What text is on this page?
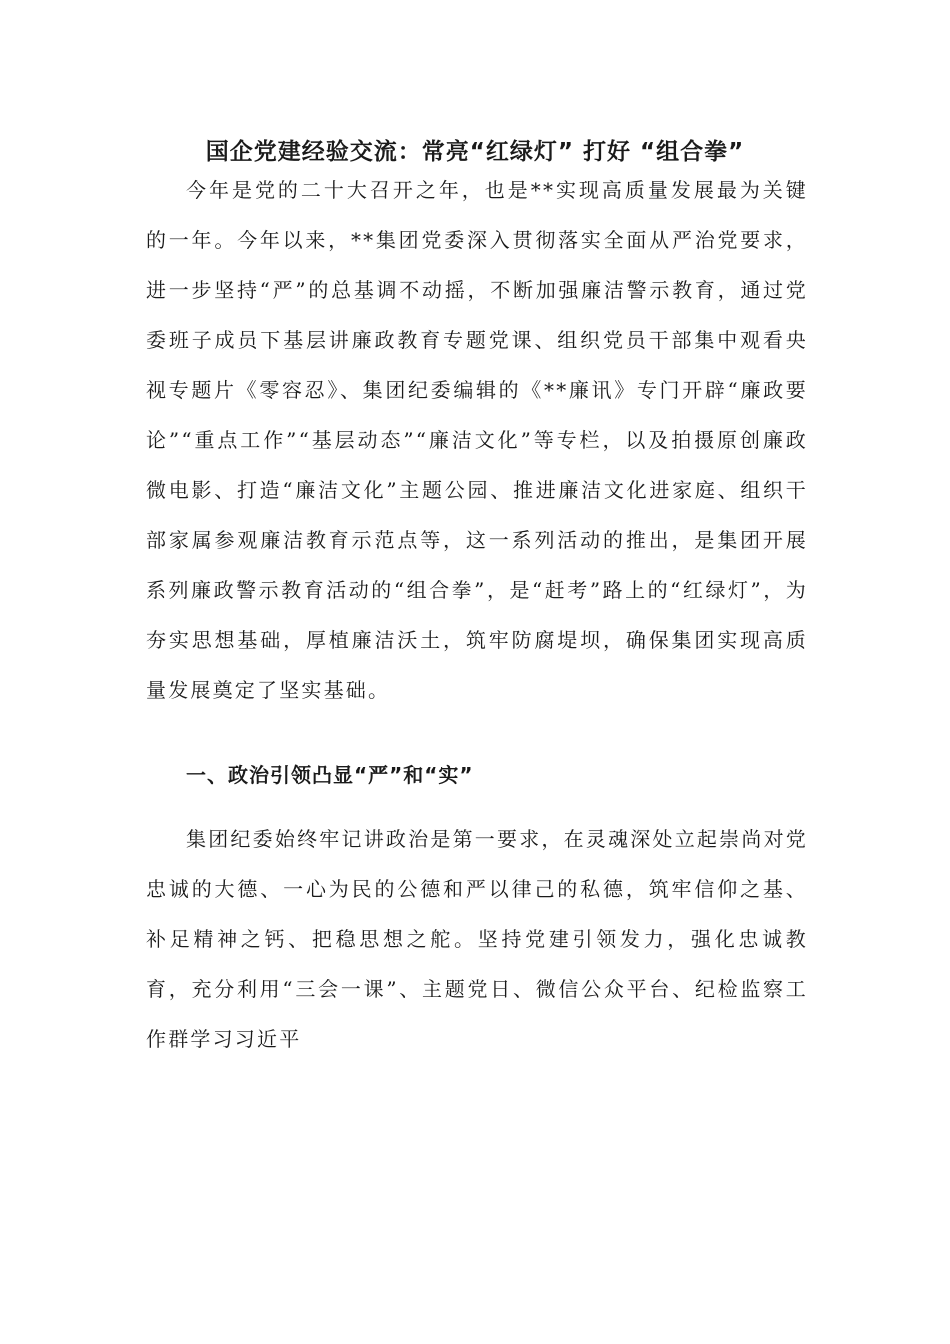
国企党建经验交流：常亮“红绿灯” 打好 “组合拳”

今年是党的二十大召开之年，也是**实现高质量发展最为关键的一年。今年以来，**集团党委深入贯彻落实全面从严治党要求，进一步坚持“严”的总基调不动摇，不断加强廉洁警示教育，通过党委班子成员下基层讲廉政教育专题党课、组织党员干部集中观看央视专题片《零容忍》、集团纪委编辑的《**廉讯》专门开辟“廉政要论”“重点工作”“基层动态”“廉洁文化”等专栏，以及拍摄原创廉政微电影、打造“廉洁文化”主题公园、推进廉洁文化进家庭、组织干部家属参观廉洁教育示范点等，这一系列活动的推出，是集团开展系列廉政警示教育活动的“组合拳”，是“赶考”路上的“红绿灯”，为夯实思想基础，厚植廉洁沃土，筑牢防腐堤坝，确保集团实现高质量发展奠定了坚实基础。

一、政治引领凸显“严”和“实”

集团纪委始终牢记讲政治是第一要求，在灵魂深处立起崇尚对党忠诚的大德、一心为民的公德和严以律己的私德，筑牢信仰之基、补足精神之钙、把稳思想之舵。坚持党建引领发力，强化忠诚教育，充分利用“三会一课”、主题党日、微信公众平台、纪检监察工作群学习习近平
